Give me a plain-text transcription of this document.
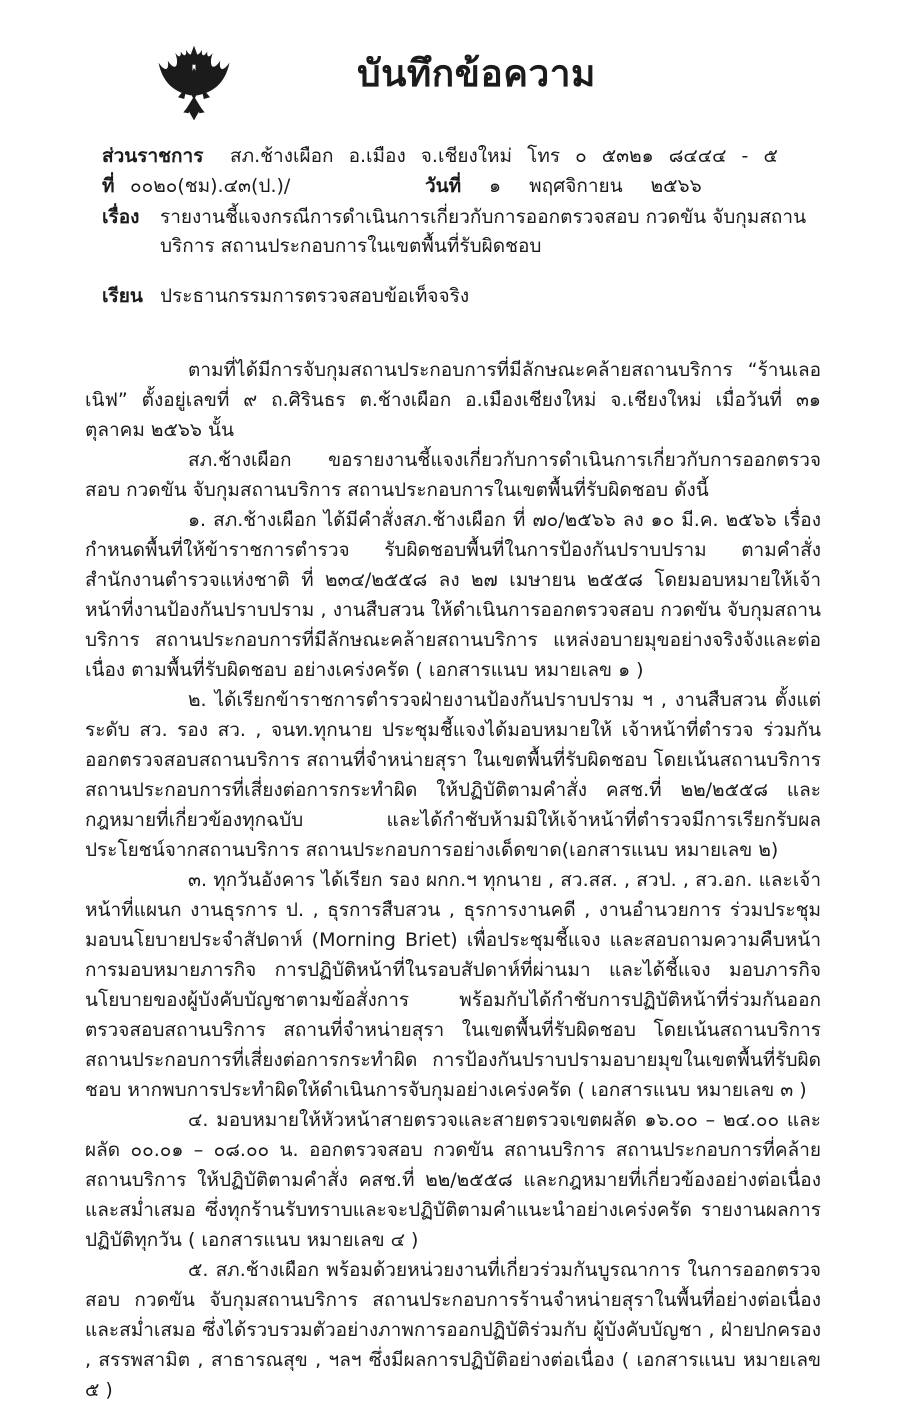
บันทึกข้อความ
ส่วนราชการ	สภ.ช้างเผือก อ.เมือง จ.เชียงใหม่ โทร ๐ ๕๓๒๑ ๘๔๔๔ - ๕
ที่ ๐๐๒๐(ชม).๔๓(ป.)/	วันที่	๑ พฤศจิกายน ๒๕๖๖
เรื่อง	รายงานชี้แจงกรณีการดำเนินการเกี่ยวกับการออกตรวจสอบ กวดขัน จับกุมสถานบริการ สถานประกอบการในเขตพื้นที่รับผิดชอบ
เรียน ประธานกรรมการตรวจสอบข้อเท็จจริง

ตามที่ได้มีการจับกุมสถานประกอบการที่มีลักษณะคล้ายสถานบริการ “ร้านเลอเนิฟ” ตั้งอยู่เลขที่ ๙ ถ.ศิรินธร ต.ช้างเผือก อ.เมืองเชียงใหม่ จ.เชียงใหม่ เมื่อวันที่ ๓๑ ตุลาคม ๒๕๖๖ นั้น

สภ.ช้างเผือก ขอรายงานชี้แจงเกี่ยวกับการดำเนินการเกี่ยวกับการออกตรวจสอบ กวดขัน จับกุมสถานบริการ สถานประกอบการในเขตพื้นที่รับผิดชอบ ดังนี้

๑. สภ.ช้างเผือก ได้มีคำสั่งสภ.ช้างเผือก ที่ ๗๐/๒๕๖๖ ลง ๑๐ มี.ค. ๒๕๖๖ เรื่อง กำหนดพื้นที่ให้ข้าราชการตำรวจ รับผิดชอบพื้นที่ในการป้องกันปราบปราม ตามคำสั่งสำนักงานตำรวจแห่งชาติ ที่ ๒๓๔/๒๕๕๘ ลง ๒๗ เมษายน ๒๕๕๘ โดยมอบหมายให้เจ้าหน้าที่งานป้องกันปราบปราม , งานสืบสวน ให้ดำเนินการออกตรวจสอบ กวดขัน จับกุมสถานบริการ สถานประกอบการที่มีลักษณะคล้ายสถานบริการ แหล่งอบายมุขอย่างจริงจังและต่อเนื่อง ตามพื้นที่รับผิดชอบ อย่างเคร่งครัด ( เอกสารแนบ หมายเลข ๑ )

๒. ได้เรียกข้าราชการตำรวจฝ่ายงานป้องกันปราบปราม ฯ , งานสืบสวน ตั้งแต่ระดับ สว. รอง สว. , จนท.ทุกนาย ประชุมชี้แจงได้มอบหมายให้ เจ้าหน้าที่ตำรวจ ร่วมกันออกตรวจสอบสถานบริการ สถานที่จำหน่ายสุรา ในเขตพื้นที่รับผิดชอบ โดยเน้นสถานบริการ สถานประกอบการที่เสี่ยงต่อการกระทำผิด ให้ปฏิบัติตามคำสั่ง คสช.ที่ ๒๒/๒๕๕๘ และกฎหมายที่เกี่ยวข้องทุกฉบับ และได้กำชับห้ามมิให้เจ้าหน้าที่ตำรวจมีการเรียกรับผลประโยชน์จากสถานบริการ สถานประกอบการอย่างเด็ดขาด(เอกสารแนบ หมายเลข ๒)

๓. ทุกวันอังคาร ได้เรียก รอง ผกก.ฯ ทุกนาย , สว.สส. , สวป. , สว.อก. และเจ้าหน้าที่แผนก งานธุรการ ป. , ธุรการสืบสวน , ธุรการงานคดี , งานอำนวยการ ร่วมประชุมมอบนโยบายประจำสัปดาห์ (Morning Briet) เพื่อประชุมชี้แจง และสอบถามความคืบหน้าการมอบหมายภารกิจ การปฏิบัติหน้าที่ในรอบสัปดาห์ที่ผ่านมา และได้ชี้แจง มอบภารกิจ นโยบายของผู้บังคับบัญชาตามข้อสั่งการ พร้อมกับได้กำชับการปฏิบัติหน้าที่ร่วมกันออกตรวจสอบสถานบริการ สถานที่จำหน่ายสุรา ในเขตพื้นที่รับผิดชอบ โดยเน้นสถานบริการ สถานประกอบการที่เสี่ยงต่อการกระทำผิด การป้องกันปราบปรามอบายมุขในเขตพื้นที่รับผิดชอบ หากพบการประทำผิดให้ดำเนินการจับกุมอย่างเคร่งครัด ( เอกสารแนบ หมายเลข ๓ )

๔. มอบหมายให้หัวหน้าสายตรวจและสายตรวจเขตผลัด ๑๖.๐๐ – ๒๔.๐๐ และผลัด ๐๐.๐๑ – ๐๘.๐๐ น. ออกตรวจสอบ กวดขัน สถานบริการ สถานประกอบการที่คล้ายสถานบริการ ให้ปฏิบัติตามคำสั่ง คสช.ที่ ๒๒/๒๕๕๘ และกฎหมายที่เกี่ยวข้องอย่างต่อเนื่อง และสม่ำเสมอ ซึ่งทุกร้านรับทราบและจะปฏิบัติตามคำแนะนำอย่างเคร่งครัด รายงานผลการปฏิบัติทุกวัน ( เอกสารแนบ หมายเลข ๔ )

๕. สภ.ช้างเผือก พร้อมด้วยหน่วยงานที่เกี่ยวร่วมกันบูรณาการ ในการออกตรวจสอบ กวดขัน จับกุมสถานบริการ สถานประกอบการร้านจำหน่ายสุราในพื้นที่อย่างต่อเนื่อง และสม่ำเสมอ ซึ่งได้รวบรวมตัวอย่างภาพการออกปฏิบัติร่วมกับ ผู้บังคับบัญชา , ฝ่ายปกครอง , สรรพสามิต , สาธารณสุข , ฯลฯ ซึ่งมีผลการปฏิบัติอย่างต่อเนื่อง ( เอกสารแนบ หมายเลข ๕ )
